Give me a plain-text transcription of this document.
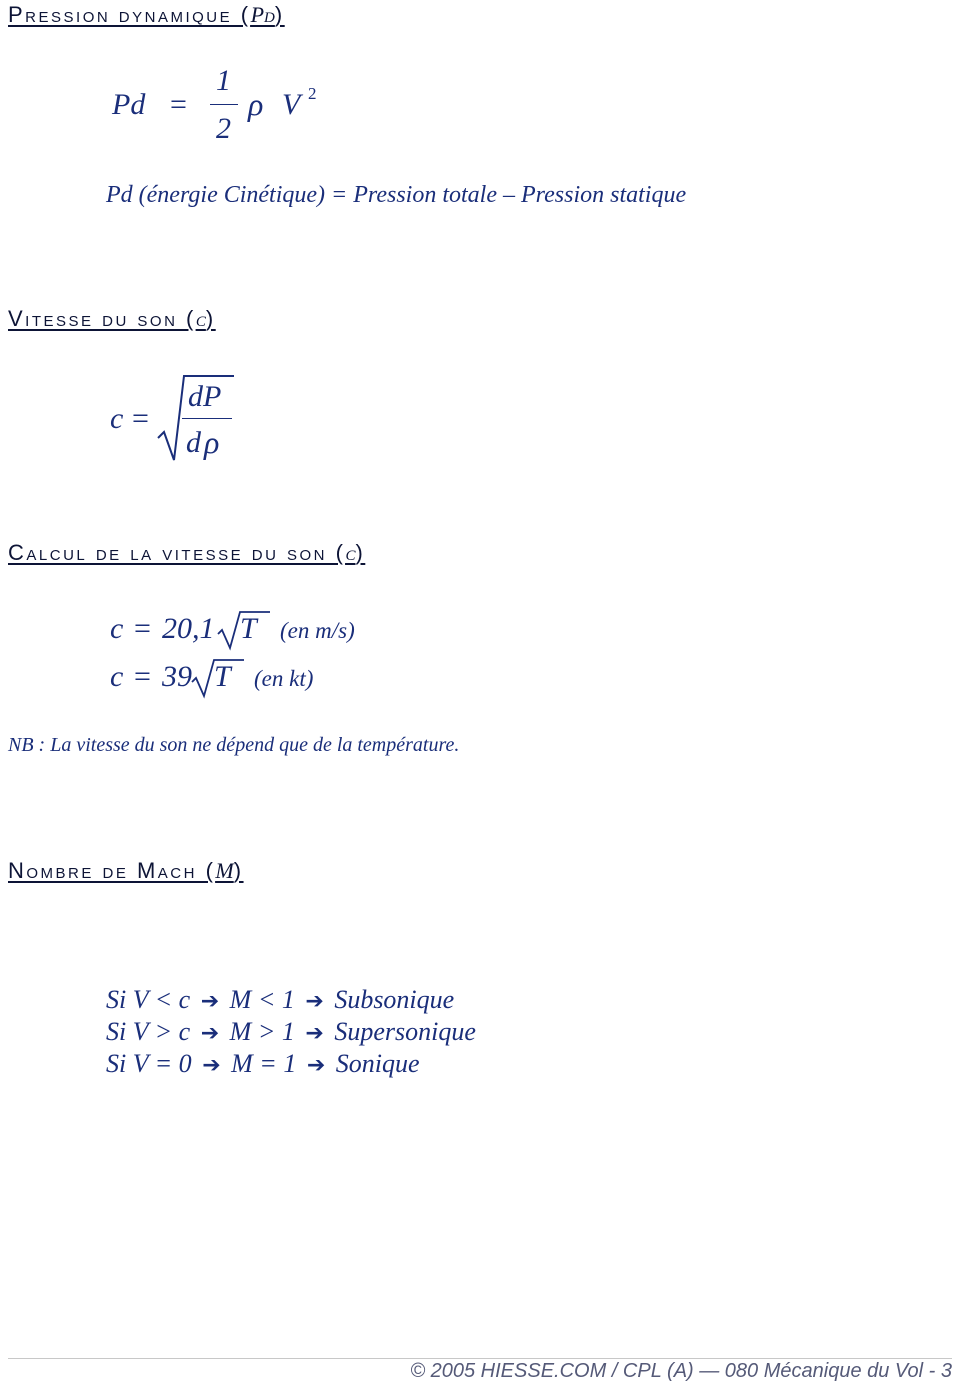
Pression dynamique (Pd)
Pd =
1
2
ρ V 2
Pd (énergie Cinétique) = Pression totale – Pression statique
Vitesse du son (c)
c =
dP
d ρ
Calcul de la vitesse du son (c)
c = 20,1 T (en m/s)
c = 39 T (en kt)
NB : La vitesse du son ne dépend que de la température.
Nombre de Mach (M)
Si V < c ➔ M < 1 ➔ Subsonique
Si V > c ➔ M > 1 ➔ Supersonique
Si V = 0 ➔ M = 1 ➔ Sonique
© 2005 HIESSE.COM / CPL (A) — 080 Mécanique du Vol - 3
